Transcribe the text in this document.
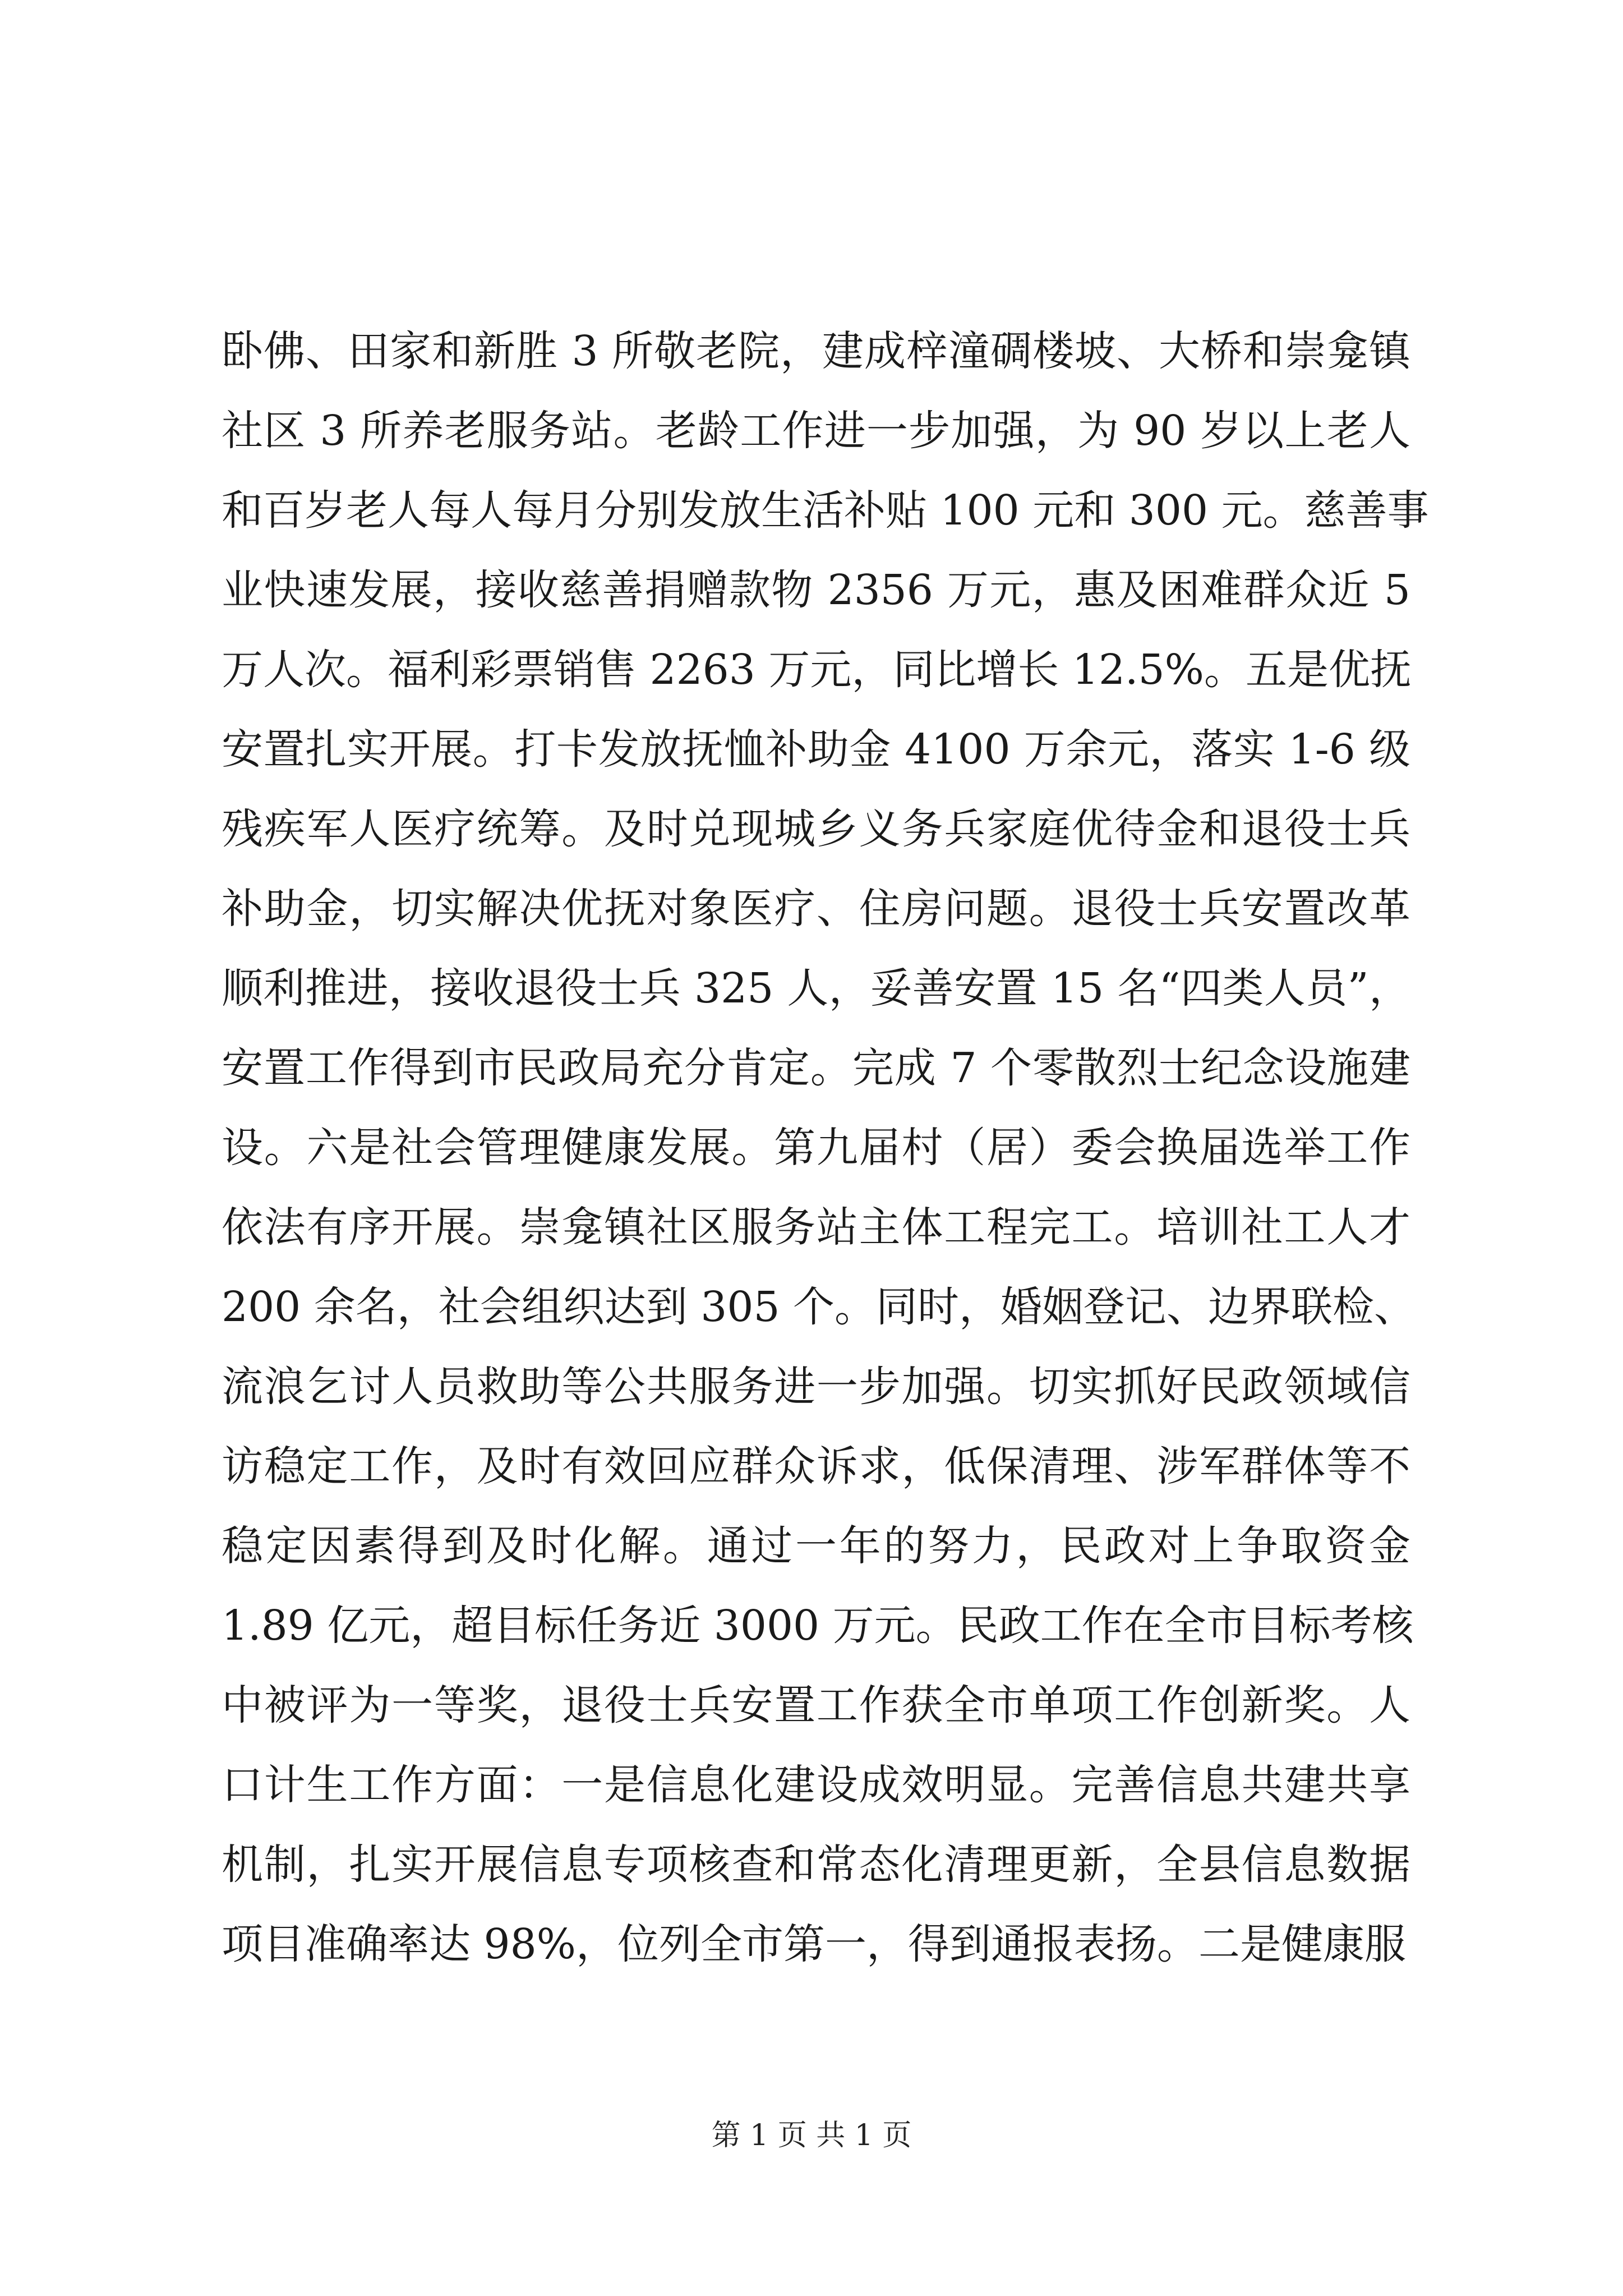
卧佛、田家和新胜 3 所敬老院，建成梓潼碉楼坡、大桥和崇龛镇
社区 3 所养老服务站。老龄工作进一步加强，为 90 岁以上老人
和百岁老人每人每月分别发放生活补贴 100 元和 300 元。慈善事
业快速发展，接收慈善捐赠款物 2356 万元，惠及困难群众近 5
万人次。福利彩票销售 2263 万元，同比增长 12.5%。五是优抚
安置扎实开展。打卡发放抚恤补助金 4100 万余元，落实 1-6 级
残疾军人医疗统筹。及时兑现城乡义务兵家庭优待金和退役士兵
补助金，切实解决优抚对象医疗、住房问题。退役士兵安置改革
顺利推进，接收退役士兵 325 人，妥善安置 15 名“四类人员”，
安置工作得到市民政局充分肯定。完成 7 个零散烈士纪念设施建
设。六是社会管理健康发展。第九届村（居）委会换届选举工作
依法有序开展。崇龛镇社区服务站主体工程完工。培训社工人才
200 余名，社会组织达到 305 个。同时，婚姻登记、边界联检、
流浪乞讨人员救助等公共服务进一步加强。切实抓好民政领域信
访稳定工作，及时有效回应群众诉求，低保清理、涉军群体等不
稳定因素得到及时化解。通过一年的努力，民政对上争取资金
1.89 亿元，超目标任务近 3000 万元。民政工作在全市目标考核
中被评为一等奖，退役士兵安置工作获全市单项工作创新奖。人
口计生工作方面：一是信息化建设成效明显。完善信息共建共享
机制，扎实开展信息专项核查和常态化清理更新，全县信息数据
项目准确率达 98%，位列全市第一，得到通报表扬。二是健康服
第 1 页 共 1 页
